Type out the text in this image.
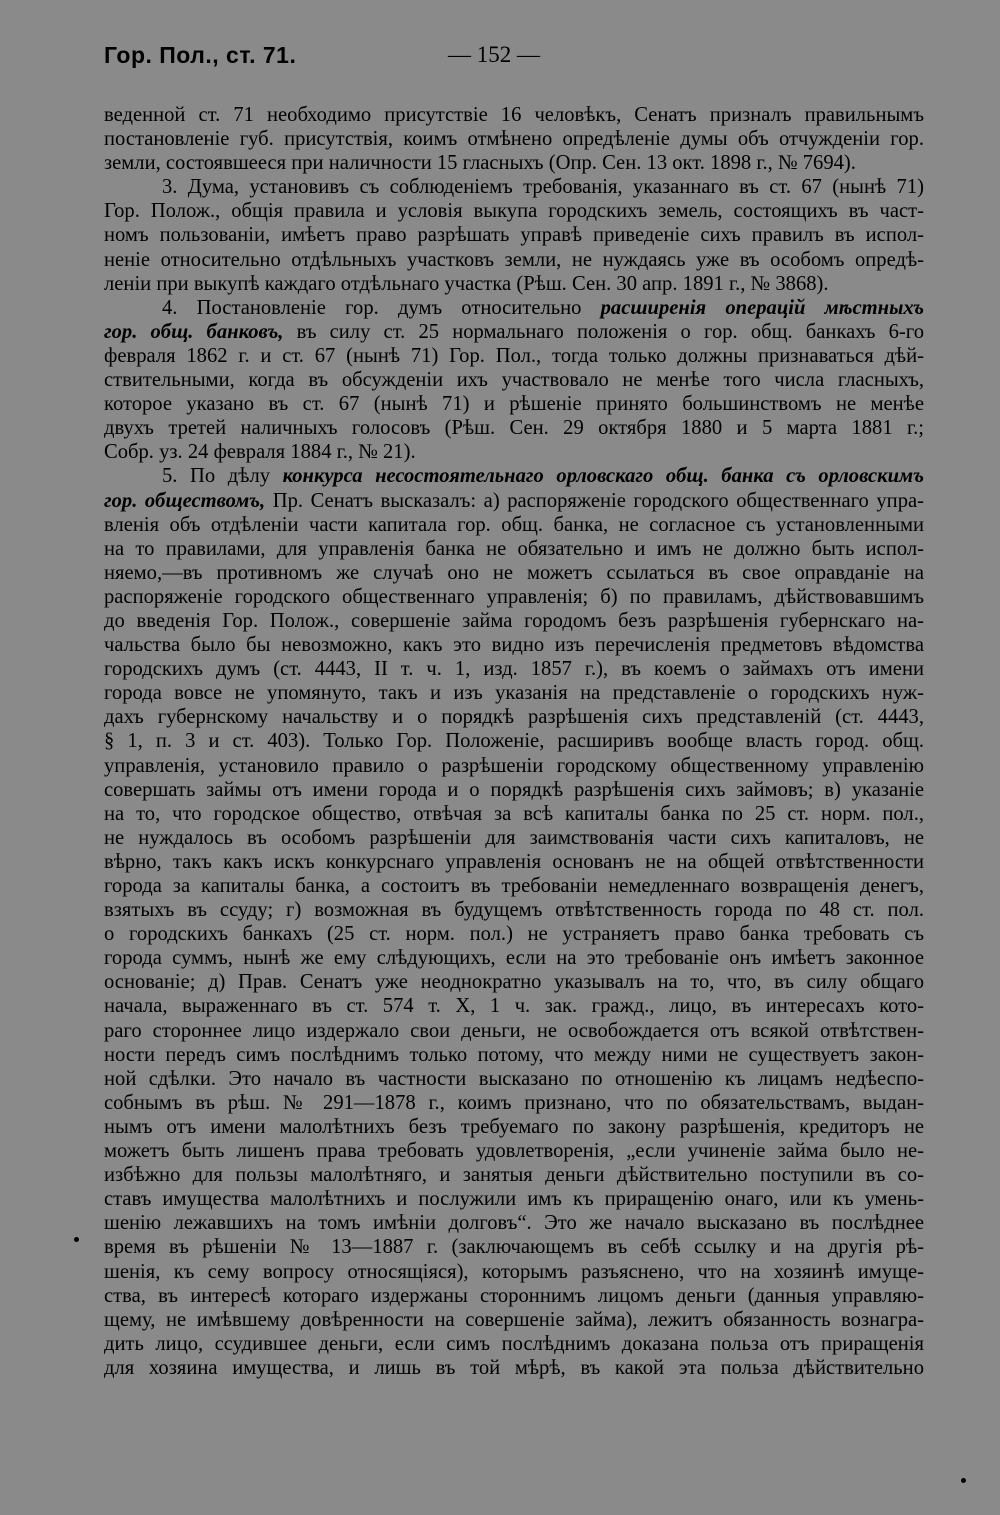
Гор. Пол., ст. 71.	— 152 —
веденной ст. 71 необходимо присутствіе 16 человѣкъ, Сенатъ призналъ правильнымъ
постановленіе губ. присутствія, коимъ отмѣнено опредѣленіе думы объ отчужденіи гор.
земли, состоявшееся при наличности 15 гласныхъ (Опр. Сен. 13 окт. 1898 г., № 7694).
3. Дума, установивъ съ соблюденіемъ требованія, указаннаго въ ст. 67 (нынѣ 71)
Гор. Полож., общія правила и условія выкупа городскихъ земель, состоящихъ въ част-
номъ пользованіи, имѣетъ право разрѣшать управѣ приведеніе сихъ правилъ въ испол-
неніе относительно отдѣльныхъ участковъ земли, не нуждаясь уже въ особомъ опредѣ-
леніи при выкупѣ каждаго отдѣльнаго участка (Рѣш. Сен. 30 апр. 1891 г., № 3868).
4. Постановленіе гор. думъ относительно расширенія операцій мѣстныхъ
гор. общ. банковъ, въ силу ст. 25 нормальнаго положенія о гор. общ. банкахъ 6-го
февраля 1862 г. и ст. 67 (нынѣ 71) Гор. Пол., тогда только должны признаваться дѣй-
ствительными, когда въ обсужденіи ихъ участвовало не менѣе того числа гласныхъ,
которое указано въ ст. 67 (нынѣ 71) и рѣшеніе принято большинствомъ не менѣе
двухъ третей наличныхъ голосовъ (Рѣш. Сен. 29 октября 1880 и 5 марта 1881 г.;
Собр. уз. 24 февраля 1884 г., № 21).
5. По дѣлу конкурса несостоятельнаго орловскаго общ. банка съ орловскимъ
гор. обществомъ, Пр. Сенатъ высказалъ: а) распоряженіе городского общественнаго упра-
вленія объ отдѣленіи части капитала гор. общ. банка, не согласное съ установленными
на то правилами, для управленія банка не обязательно и имъ не должно быть испол-
няемо,—въ противномъ же случаѣ оно не можетъ ссылаться въ свое оправданіе на
распоряженіе городского общественнаго управленія; б) по правиламъ, дѣйствовавшимъ
до введенія Гор. Полож., совершеніе займа городомъ безъ разрѣшенія губернскаго на-
чальства было бы невозможно, какъ это видно изъ перечисленія предметовъ вѣдомства
городскихъ думъ (ст. 4443, II т. ч. 1, изд. 1857 г.), въ коемъ о займахъ отъ имени
города вовсе не упомянуто, такъ и изъ указанія на представленіе о городскихъ нуж-
дахъ губернскому начальству и о порядкѣ разрѣшенія сихъ представленій (ст. 4443,
§ 1, п. 3 и ст. 403). Только Гор. Положеніе, расширивъ вообще власть город. общ.
управленія, установило правило о разрѣшеніи городскому общественному управленію
совершать займы отъ имени города и о порядкѣ разрѣшенія сихъ займовъ; в) указаніе
на то, что городское общество, отвѣчая за всѣ капиталы банка по 25 ст. норм. пол.,
не нуждалось въ особомъ разрѣшеніи для заимствованія части сихъ капиталовъ, не
вѣрно, такъ какъ искъ конкурснаго управленія основанъ не на общей отвѣтственности
города за капиталы банка, а состоитъ въ требованіи немедленнаго возвращенія денегъ,
взятыхъ въ ссуду; г) возможная въ будущемъ отвѣтственность города по 48 ст. пол.
о городскихъ банкахъ (25 ст. норм. пол.) не устраняетъ право банка требовать съ
города суммъ, нынѣ же ему слѣдующихъ, если на это требованіе онъ имѣетъ законное
основаніе; д) Прав. Сенатъ уже неоднократно указывалъ на то, что, въ силу общаго
начала, выраженнаго въ ст. 574 т. X, 1 ч. зак. гражд., лицо, въ интересахъ кото-
раго стороннее лицо издержало свои деньги, не освобождается отъ всякой отвѣтствен-
ности передъ симъ послѣднимъ только потому, что между ними не существуетъ закон-
ной сдѣлки. Это начало въ частности высказано по отношенію къ лицамъ недѣеспо-
собнымъ въ рѣш. № 291—1878 г., коимъ признано, что по обязательствамъ, выдан-
нымъ отъ имени малолѣтнихъ безъ требуемаго по закону разрѣшенія, кредиторъ не
можетъ быть лишенъ права требовать удовлетворенія, „если учиненіе займа было не-
избѣжно для пользы малолѣтняго, и занятыя деньги дѣйствительно поступили въ со-
ставъ имущества малолѣтнихъ и послужили имъ къ приращенію онаго, или къ умень-
шенію лежавшихъ на томъ имѣніи долговъ“. Это же начало высказано въ послѣднее
время въ рѣшеніи № 13—1887 г. (заключающемъ въ себѣ ссылку и на другія рѣ-
шенія, къ сему вопросу относящіяся), которымъ разъяснено, что на хозяинѣ имуще-
ства, въ интересѣ котораго издержаны стороннимъ лицомъ деньги (данныя управляю-
щему, не имѣвшему довѣренности на совершеніе займа), лежитъ обязанность вознагра-
дить лицо, ссудившее деньги, если симъ послѣднимъ доказана польза отъ приращенія
для хозяина имущества, и лишь въ той мѣрѣ, въ какой эта польза дѣйствительно
